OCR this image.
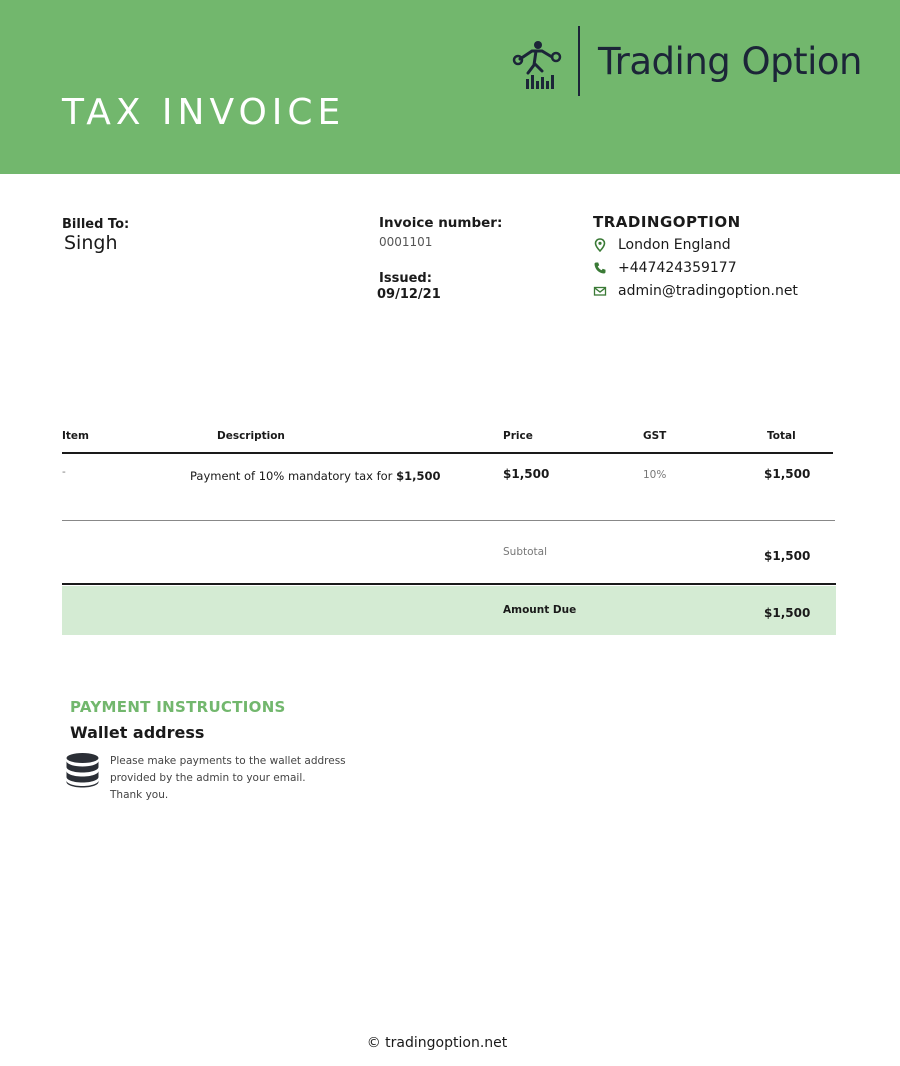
TAX INVOICE
Trading Option
Billed To:
Singh
Invoice number:
0001101
Issued:
09/12/21
TRADINGOPTION
London England
+447424359177
admin@tradingoption.net
Item	Description	Price	GST	Total
-	Payment of 10% mandatory tax for $1,500	$1,500	10%	$1,500
Subtotal	$1,500
Amount Due	$1,500
PAYMENT INSTRUCTIONS
Wallet address
Please make payments to the wallet address
provided by the admin to your email.
Thank you.
© tradingoption.net
